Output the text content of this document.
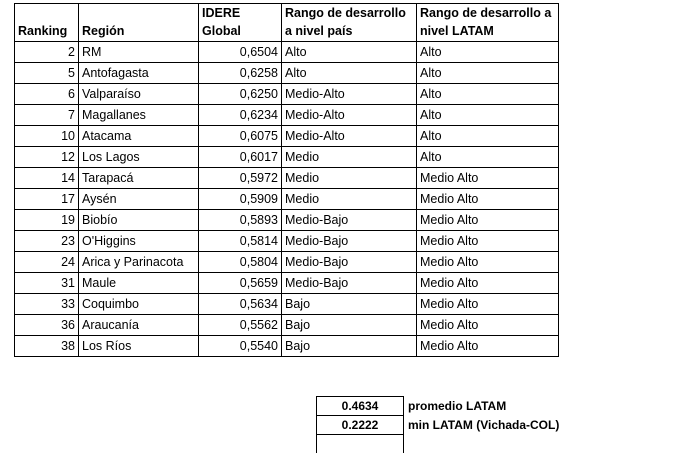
Ranking	Región	IDERE Global	Rango de desarrollo a nivel país	Rango de desarrollo a nivel LATAM
2	RM	0,6504	Alto	Alto
5	Antofagasta	0,6258	Alto	Alto
6	Valparaíso	0,6250	Medio-Alto	Alto
7	Magallanes	0,6234	Medio-Alto	Alto
10	Atacama	0,6075	Medio-Alto	Alto
12	Los Lagos	0,6017	Medio	Alto
14	Tarapacá	0,5972	Medio	Medio Alto
17	Aysén	0,5909	Medio	Medio Alto
19	Biobío	0,5893	Medio-Bajo	Medio Alto
23	O'Higgins	0,5814	Medio-Bajo	Medio Alto
24	Arica y Parinacota	0,5804	Medio-Bajo	Medio Alto
31	Maule	0,5659	Medio-Bajo	Medio Alto
33	Coquimbo	0,5634	Bajo	Medio Alto
36	Araucanía	0,5562	Bajo	Medio Alto
38	Los Ríos	0,5540	Bajo	Medio Alto
0.4634	promedio LATAM
0.2222	min LATAM (Vichada-COL)
